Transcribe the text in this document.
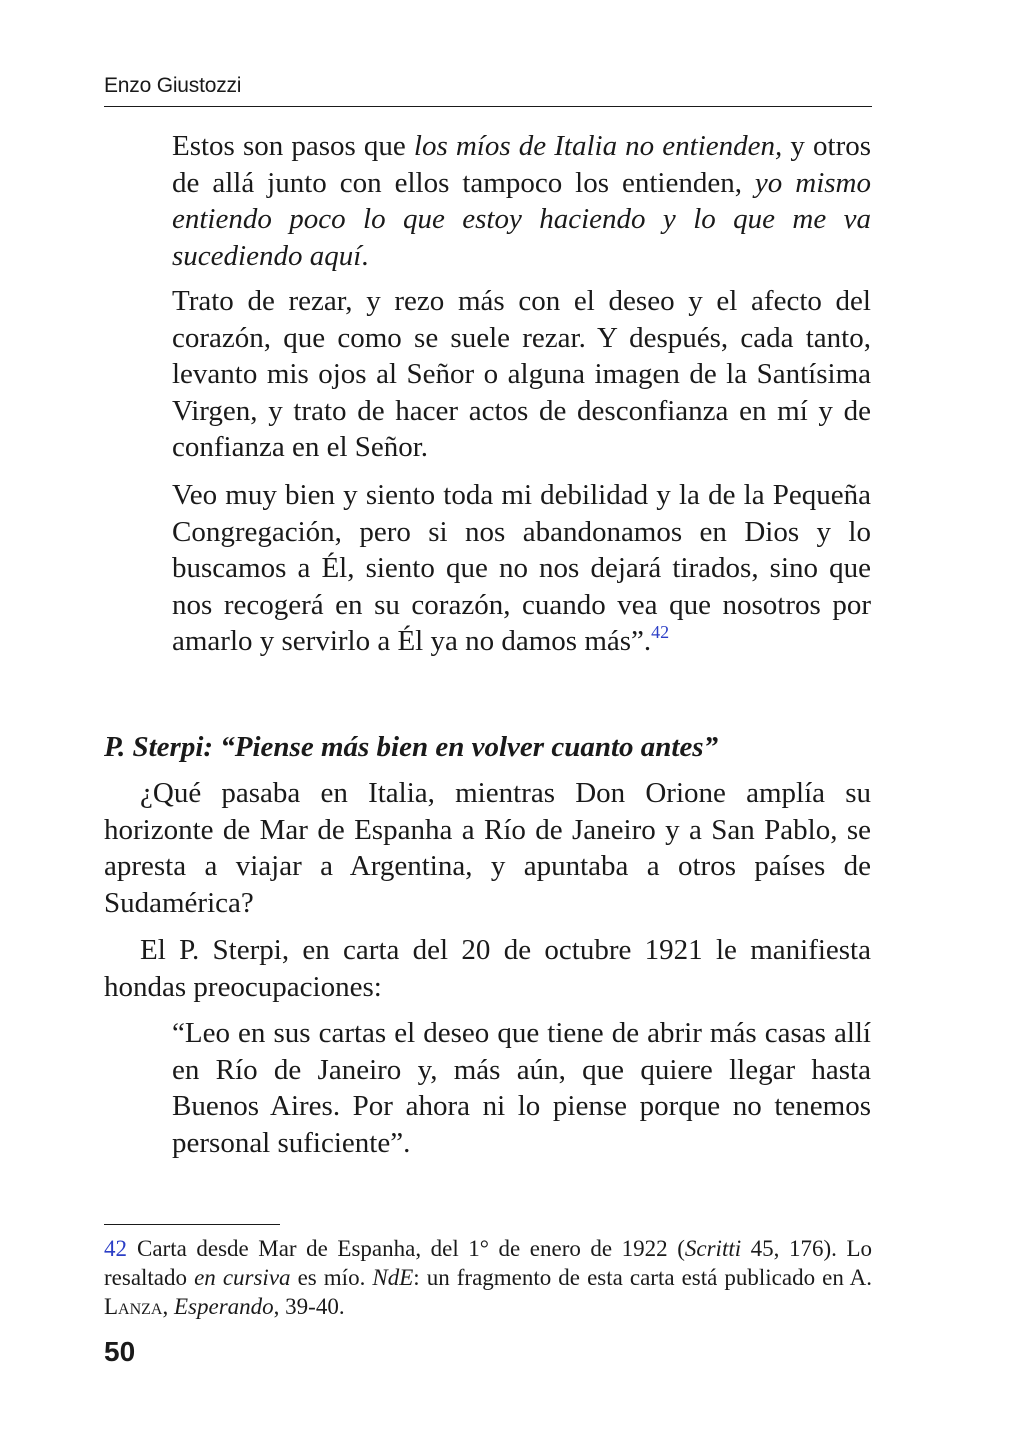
Enzo Giustozzi
Estos son pasos que los míos de Italia no entienden, y otros de allá junto con ellos tampoco los entienden, yo mismo entiendo poco lo que estoy haciendo y lo que me va sucediendo aquí.
Trato de rezar, y rezo más con el deseo y el afecto del corazón, que como se suele rezar. Y después, cada tanto, levanto mis ojos al Señor o alguna imagen de la Santísima Virgen, y trato de hacer actos de desconfianza en mí y de confianza en el Señor.
Veo muy bien y siento toda mi debilidad y la de la Pequeña Congregación, pero si nos abandonamos en Dios y lo buscamos a Él, siento que no nos dejará tirados, sino que nos recogerá en su corazón, cuando vea que nosotros por amarlo y servirlo a Él ya no damos más”.$^{42}$
P. Sterpi: “Piense más bien en volver cuanto antes”
¿Qué pasaba en Italia, mientras Don Orione amplía su horizonte de Mar de Espanha a Río de Janeiro y a San Pablo, se apresta a viajar a Argentina, y apuntaba a otros países de Sudamérica?
El P. Sterpi, en carta del 20 de octubre 1921 le manifiesta hondas preocupaciones:
“Leo en sus cartas el deseo que tiene de abrir más casas allí en Río de Janeiro y, más aún, que quiere llegar hasta Buenos Aires. Por ahora ni lo piense porque no tenemos personal suficiente”.
42 Carta desde Mar de Espanha, del 1° de enero de 1922 (Scritti 45, 176). Lo resaltado en cursiva es mío. NdE: un fragmento de esta carta está publicado en A. Lanza, Esperando, 39-40.
50
